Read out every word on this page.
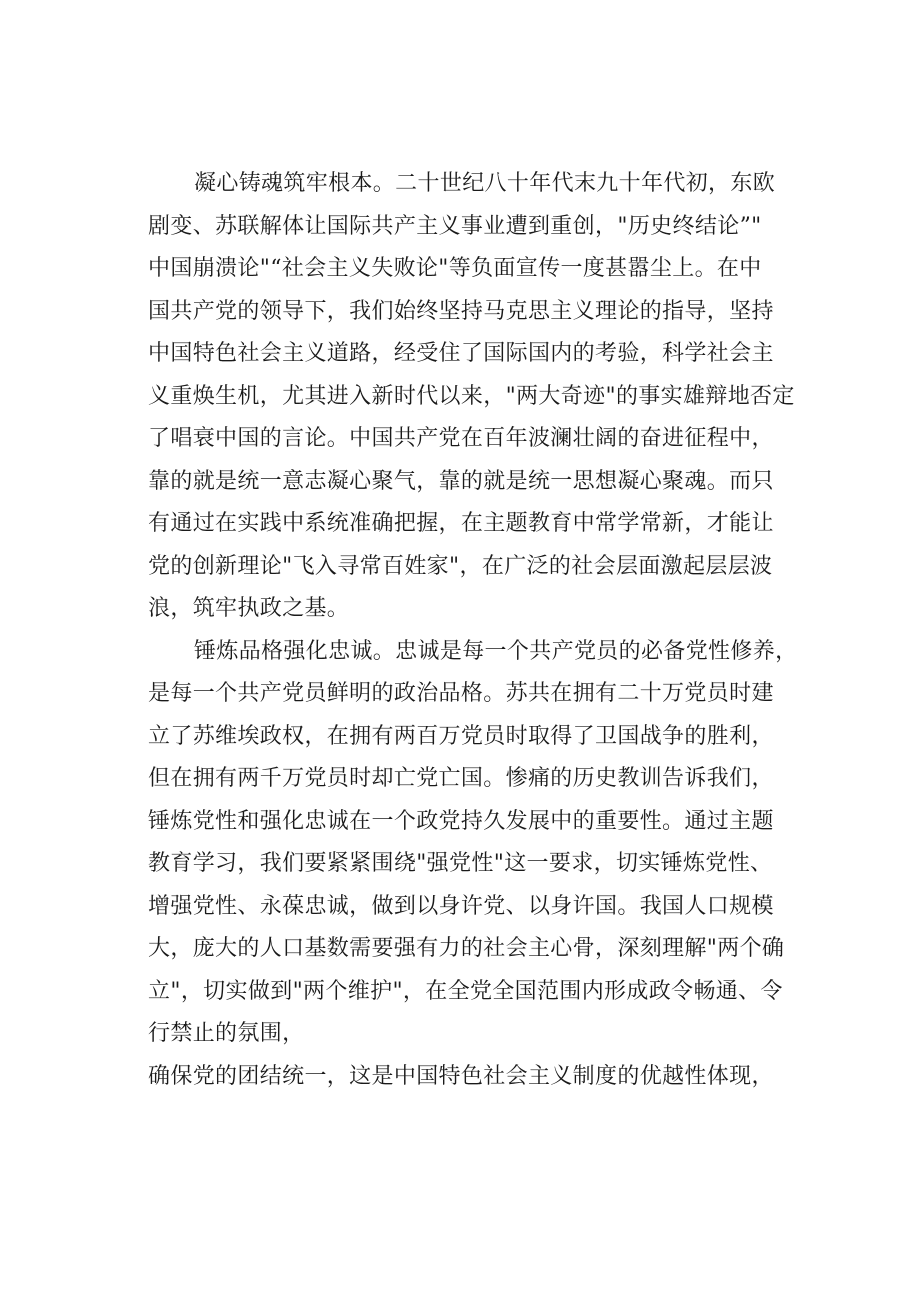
凝心铸魂筑牢根本。二十世纪八十年代末九十年代初，东欧
剧变、苏联解体让国际共产主义事业遭到重创，"历史终结论”"
中国崩溃论"“社会主义失败论"等负面宣传一度甚嚣尘上。在中
国共产党的领导下，我们始终坚持马克思主义理论的指导，坚持
中国特色社会主义道路，经受住了国际国内的考验，科学社会主
义重焕生机，尤其进入新时代以来，"两大奇迹"的事实雄辩地否定
了唱衰中国的言论。中国共产党在百年波澜壮阔的奋进征程中，
靠的就是统一意志凝心聚气，靠的就是统一思想凝心聚魂。而只
有通过在实践中系统准确把握，在主题教育中常学常新，才能让
党的创新理论"飞入寻常百姓家"，在广泛的社会层面激起层层波
浪，筑牢执政之基。
锤炼品格强化忠诚。忠诚是每一个共产党员的必备党性修养，
是每一个共产党员鲜明的政治品格。苏共在拥有二十万党员时建
立了苏维埃政权，在拥有两百万党员时取得了卫国战争的胜利，
但在拥有两千万党员时却亡党亡国。惨痛的历史教训告诉我们，
锤炼党性和强化忠诚在一个政党持久发展中的重要性。通过主题
教育学习，我们要紧紧围绕"强党性"这一要求，切实锤炼党性、
增强党性、永葆忠诚，做到以身许党、以身许国。我国人口规模
大，庞大的人口基数需要强有力的社会主心骨，深刻理解"两个确
立"，切实做到"两个维护"，在全党全国范围内形成政令畅通、令
行禁止的氛围，
确保党的团结统一，这是中国特色社会主义制度的优越性体现，
